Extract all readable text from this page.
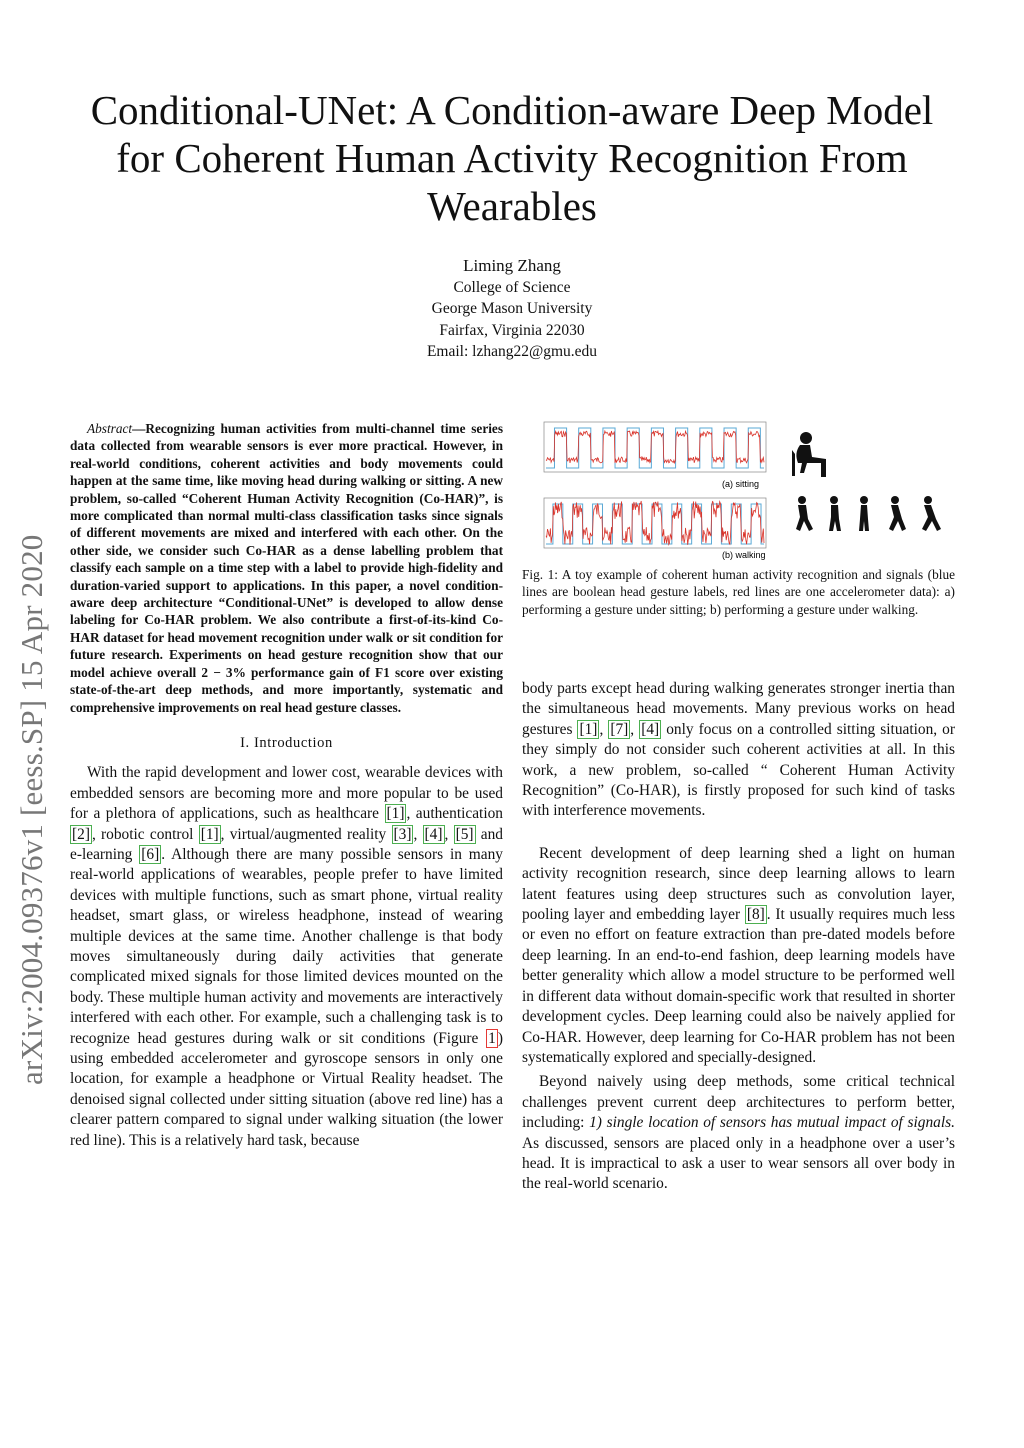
Conditional-UNet: A Condition-aware Deep Model
for Coherent Human Activity Recognition From
Wearables
Liming Zhang
College of Science
George Mason University
Fairfax, Virginia 22030
Email: lzhang22@gmu.edu
arXiv:2004.09376v1 [eess.SP] 15 Apr 2020

Abstract—Recognizing human activities from multi-channel time series data collected from wearable sensors is ever more practical. However, in real-world conditions, coherent activities and body movements could happen at the same time, like moving head during walking or sitting. A new problem, so-called “Coherent Human Activity Recognition (Co-HAR)”, is more complicated than normal multi-class classification tasks since signals of different movements are mixed and interfered with each other. On the other side, we consider such Co-HAR as a dense labelling problem that classify each sample on a time step with a label to provide high-fidelity and duration-varied support to applications. In this paper, a novel condition-aware deep architecture “Conditional-UNet” is developed to allow dense labeling for Co-HAR problem. We also contribute a first-of-its-kind Co-HAR dataset for head movement recognition under walk or sit condition for future research. Experiments on head gesture recognition show that our model achieve overall 2 − 3% performance gain of F1 score over existing state-of-the-art deep methods, and more importantly, systematic and comprehensive improvements on real head gesture classes.

I. Introduction

With the rapid development and lower cost, wearable devices with embedded sensors are becoming more and more popular to be used for a plethora of applications, such as healthcare [1] , authentication [2] , robotic control [1] , virtual/augmented reality [3] , [4] , [5] and e-learning [6] . Although there are many possible sensors in many real-world applications of wearables, people prefer to have limited devices with multiple functions, such as smart phone, virtual reality headset, smart glass, or wireless headphone, instead of wearing multiple devices at the same time. Another challenge is that body moves simultaneously during daily activities that generate complicated mixed signals for those limited devices mounted on the body. These multiple human activity and movements are interactively interfered with each other. For example, such a challenging task is to recognize head gestures during walk or sit conditions (Figure 1 ) using embedded accelerometer and gyroscope sensors in only one location, for example a headphone or Virtual Reality headset. The denoised signal collected under sitting situation (above red line) has a clearer pattern compared to signal under walking situation (the lower red line). This is a relatively hard task, because

(a) sitting
(b) walking
Fig. 1: A toy example of coherent human activity recognition and signals (blue lines are boolean head gesture labels, red lines are one accelerometer data): a) performing a gesture under sitting; b) performing a gesture under walking.

body parts except head during walking generates stronger inertia than the simultaneous head movements. Many previous works on head gestures [1] , [7] , [4] only focus on a controlled sitting situation, or they simply do not consider such coherent activities at all. In this work, a new problem, so-called “ Coherent Human Activity Recognition” (Co-HAR), is firstly proposed for such kind of tasks with interference movements.

Recent development of deep learning shed a light on human activity recognition research, since deep learning allows to learn latent features using deep structures such as convolution layer, pooling layer and embedding layer [8] . It usually requires much less or even no effort on feature extraction than pre-dated models before deep learning. In an end-to-end fashion, deep learning models have better generality which allow a model structure to be performed well in different data without domain-specific work that resulted in shorter development cycles. Deep learning could also be naively applied for Co-HAR. However, deep learning for Co-HAR problem has not been systematically explored and specially-designed.

Beyond naively using deep methods, some critical technical challenges prevent current deep architectures to perform better, including: 1) single location of sensors has mutual impact of signals. As discussed, sensors are placed only in a headphone over a user’s head. It is impractical to ask a user to wear sensors all over body in the real-world scenario.
